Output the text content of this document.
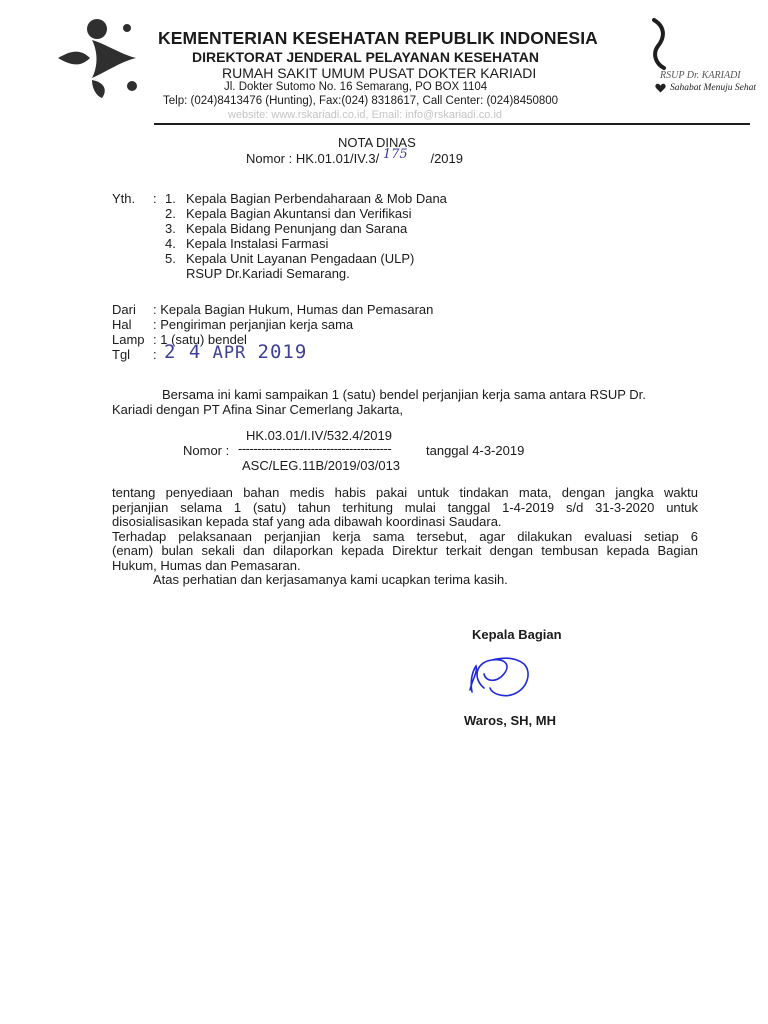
KEMENTERIAN KESEHATAN REPUBLIK INDONESIA
DIREKTORAT JENDERAL PELAYANAN KESEHATAN
RUMAH SAKIT UMUM PUSAT DOKTER KARIADI
Jl. Dokter Sutomo No. 16 Semarang, PO BOX 1104
Telp: (024)8413476 (Hunting), Fax:(024) 8318617, Call Center: (024)8450800
website: www.rskariadi.co.id, Email: info@rskariadi.co.id
RSUP Dr. KARIADI
Sahabat Menuju Sehat
NOTA DINAS
Nomor : HK.01.01/IV.3/ 175 /2019
Yth. : 1. Kepala Bagian Perbendaharaan & Mob Dana
2. Kepala Bagian Akuntansi dan Verifikasi
3. Kepala Bidang Penunjang dan Sarana
4. Kepala Instalasi Farmasi
5. Kepala Unit Layanan Pengadaan (ULP)
RSUP Dr.Kariadi Semarang.
Dari : Kepala Bagian Hukum, Humas dan Pemasaran
Hal : Pengiriman perjanjian kerja sama
Lamp : 1 (satu) bendel
Tgl : 2 4 APR 2019
Bersama ini kami sampaikan 1 (satu) bendel perjanjian kerja sama antara RSUP Dr.
Kariadi dengan PT Afina Sinar Cemerlang Jakarta,
HK.03.01/I.IV/532.4/2019
Nomor : ----------------------------------------	tanggal 4-3-2019
ASC/LEG.11B/2019/03/013
tentang penyediaan bahan medis habis pakai untuk tindakan mata, dengan jangka waktu
perjanjian selama 1 (satu) tahun terhitung mulai tanggal 1-4-2019 s/d 31-3-2020 untuk
disosialisasikan kepada staf yang ada dibawah koordinasi Saudara.
Terhadap pelaksanaan perjanjian kerja sama tersebut, agar dilakukan evaluasi setiap 6
(enam) bulan sekali dan dilaporkan kepada Direktur terkait dengan tembusan kepada Bagian
Hukum, Humas dan Pemasaran.
Atas perhatian dan kerjasamanya kami ucapkan terima kasih.
Kepala Bagian
Waros, SH, MH
